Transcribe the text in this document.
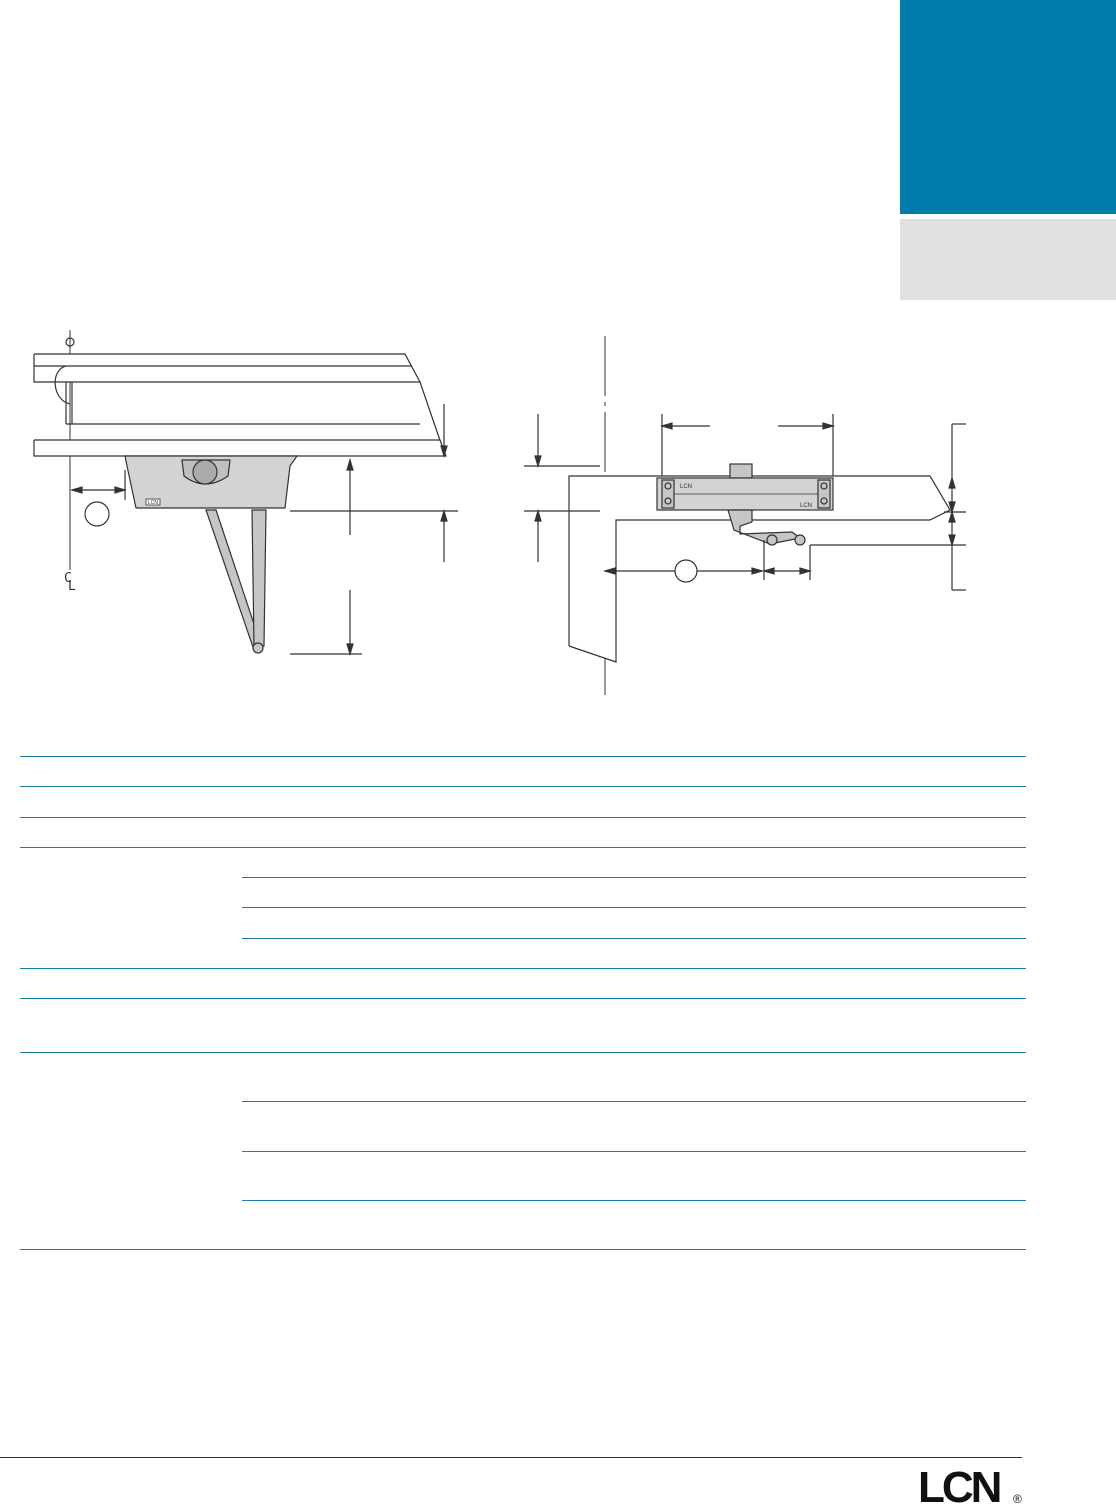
LCN
C
L
LCN
LCN
LCN ®
